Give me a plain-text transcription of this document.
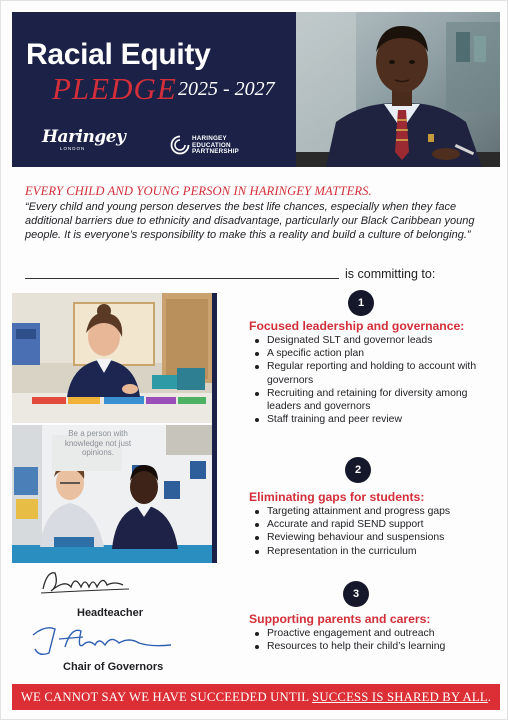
Racial Equity
PLEDGE 2025 - 2027
Haringey
LONDON
HARINGEY
EDUCATION
PARTNERSHIP
EVERY CHILD AND YOUNG PERSON IN HARINGEY MATTERS.
“Every child and young person deserves the best life chances, especially when they face additional barriers due to ethnicity and disadvantage, particularly our Black Caribbean young people. It is everyone’s responsibility to make this a reality and build a culture of belonging.”
is committing to:
Be a person with knowledge not just opinions.
Headteacher
Chair of Governors
1
Focused leadership and governance:
Designated SLT and governor leads
A specific action plan
Regular reporting and holding to account with governors
Recruiting and retaining for diversity among leaders and governors
Staff training and peer review
2
Eliminating gaps for students:
Targeting attainment and progress gaps
Accurate and rapid SEND support
Reviewing behaviour and suspensions
Representation in the curriculum
3
Supporting parents and carers:
Proactive engagement and outreach
Resources to help their child’s learning
WE CANNOT SAY WE HAVE SUCCEEDED UNTIL SUCCESS IS SHARED BY ALL.
